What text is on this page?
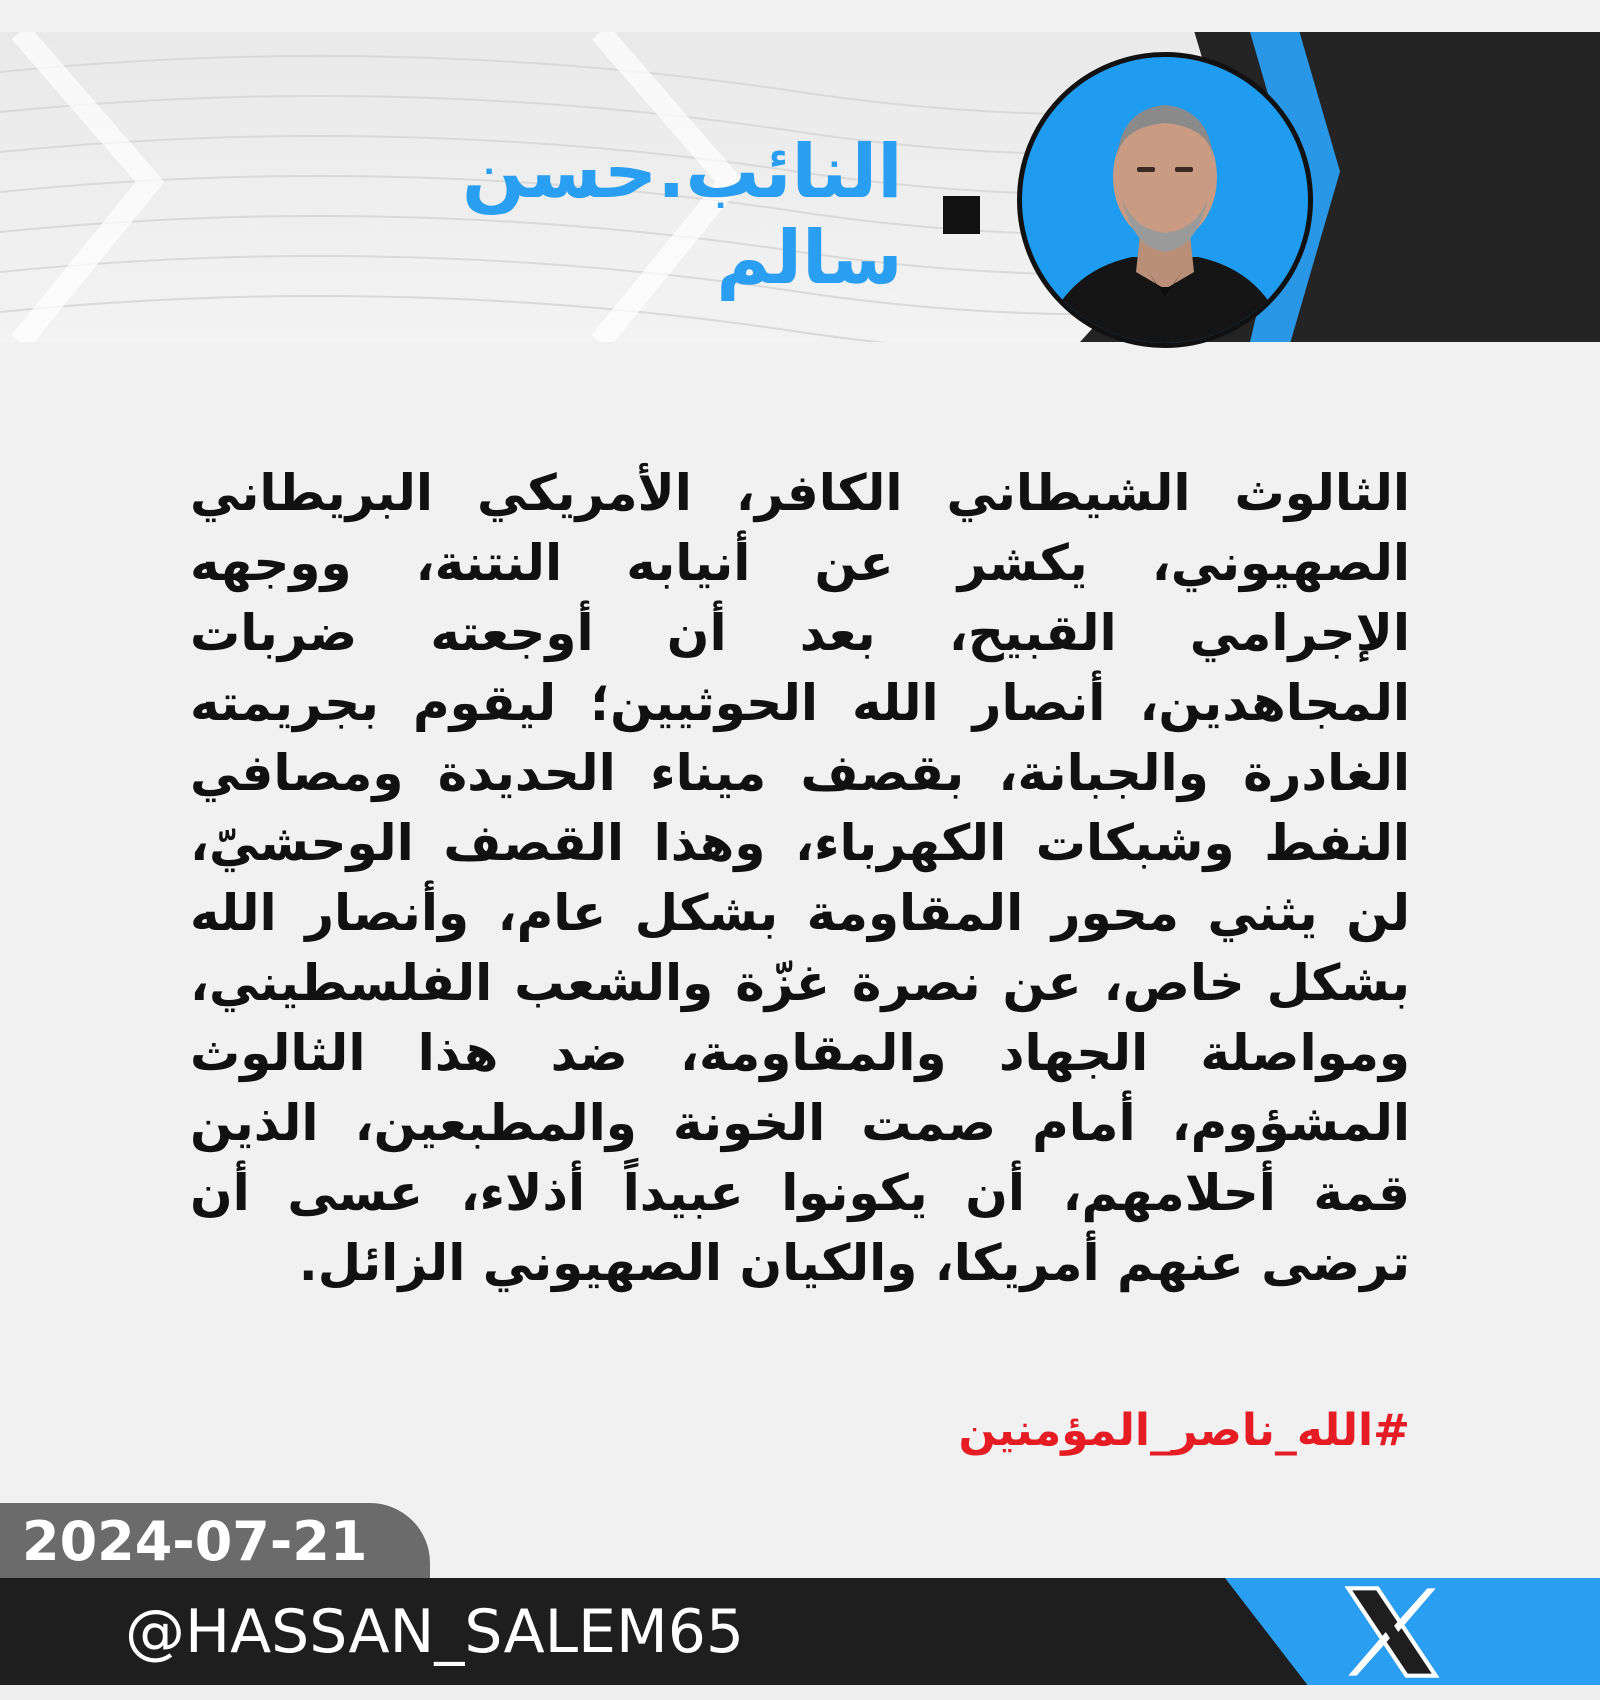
النائب.حسن سالم
الثالوث الشيطاني الكافر، الأمريكي البريطاني الصهيوني، يكشر عن أنيابه النتنة، ووجهه الإجرامي القبيح، بعد أن أوجعته ضربات المجاهدين، أنصار الله الحوثيين؛ ليقوم بجريمته الغادرة والجبانة، بقصف ميناء الحديدة ومصافي النفط وشبكات الكهرباء، وهذا القصف الوحشيّ، لن يثني محور المقاومة بشكل عام، وأنصار الله بشكل خاص، عن نصرة غزّة والشعب الفلسطيني، ومواصلة الجهاد والمقاومة، ضد هذا الثالوث المشؤوم، أمام صمت الخونة والمطبعين، الذين قمة أحلامهم، أن يكونوا عبيداً أذلاء، عسى أن ترضى عنهم أمريكا، والكيان الصهيوني الزائل.
#الله_ناصر_المؤمنين
2024-07-21
@HASSAN_SALEM65
